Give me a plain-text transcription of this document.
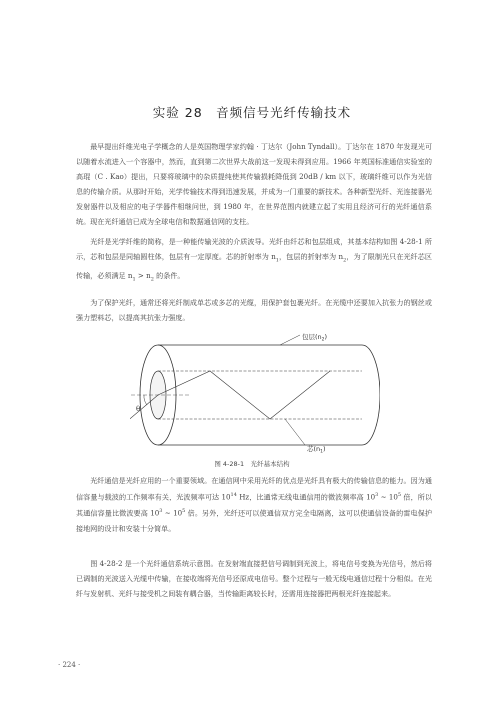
实验 28　音频信号光纤传输技术

最早提出纤维光电子学概念的人是英国物理学家约翰 · 丁达尔（John Tyndall）。丁达尔在 1870 年发现光可以随着水流进入一个容器中，然而，直到第二次世界大战前这一发现未得到应用。1966 年英国标准通信实验室的高琨（C . Kao）提出，只要将玻璃中的杂质提纯使其传输损耗降低到 20dB / km 以下，玻璃纤维可以作为光信息的传输介质。从那时开始，光学传输技术得到迅速发展，并成为一门重要的新技术。各种新型光纤、光连接器光发射器件以及相应的电子学器件相继问世，到 1980 年，在世界范围内就建立起了实用且经济可行的光纤通信系统。现在光纤通信已成为全球电信和数据通信网的支柱。

光纤是光学纤维的简称，是一种能传输光波的介质波导。光纤由纤芯和包层组成，其基本结构如图 4-28-1 所示，芯和包层是同轴圆柱体，包层有一定厚度。芯的折射率为 $n_1$，包层的折射率为 $n_2$，为了限制光只在光纤芯区传输，必须满足 $n_1 > n_2$ 的条件。

为了保护光纤，通常还将光纤制成单芯或多芯的光缆，用保护套包裹光纤。在光缆中还要加入抗张力的钢丝或强力塑料芯，以提高其抗张力强度。

θ
包层$(n_2)$
芯$(n_1)$
图 4-28-1　光纤基本结构

光纤通信是光纤应用的一个重要领域。在通信网中采用光纤的优点是光纤具有极大的传输信息的能力。因为通信容量与载波的工作频率有关，光波频率可达 $10^{14}$ Hz，比通常无线电通信用的微波频率高 $10^3$ ~ $10^5$ 倍，所以其通信容量比微波要高 $10^3$ ~ $10^5$ 倍。另外，光纤还可以使通信双方完全电隔离，这可以使通信设备的雷电保护接地网的设计和安装十分简单。

图 4-28-2 是一个光纤通信系统示意图。在发射端直接把信号调制到光波上，将电信号变换为光信号，然后将已调制的光波送入光缆中传输，在接收端将光信号还原成电信号。整个过程与一般无线电通信过程十分相似。在光纤与发射机、光纤与接受机之间装有耦合器，当传输距离较长时，还需用连接器把两根光纤连接起来。

· 224 ·
